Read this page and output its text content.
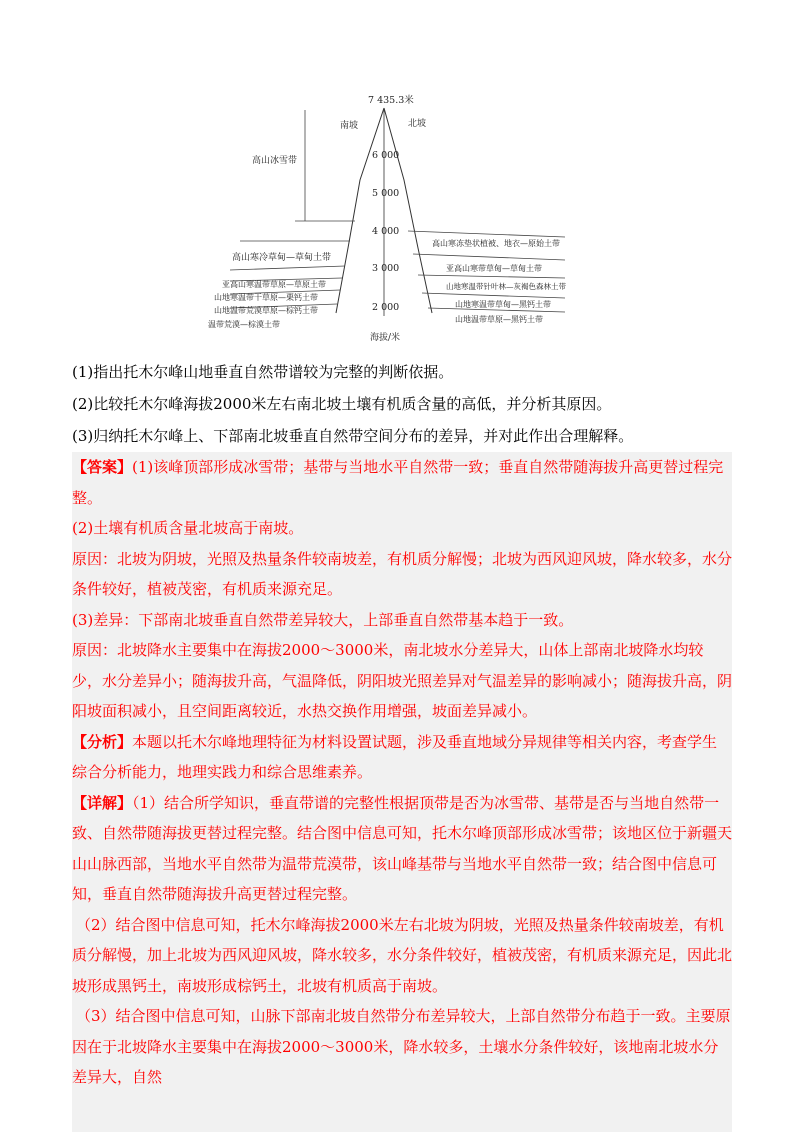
7 435.3米
南坡	北坡
6 000
5 000
4 000
3 000
2 000
海拔/米
高山冰雪带
高山寒冷草甸—草甸土带
亚高山寒温带草原—草原土带
山地寒温带干草原—栗钙土带
山地温带荒漠草原—棕钙土带
温带荒漠—棕漠土带
高山寒冻垫状植被、地衣—原始土带
亚高山寒带草甸—草甸土带
山地寒温带针叶林—灰褐色森林土带
山地寒温带草甸—黑钙土带
山地温带草原—黑钙土带
(1)指出托木尔峰山地垂直自然带谱较为完整的判断依据。
(2)比较托木尔峰海拔2000米左右南北坡土壤有机质含量的高低，并分析其原因。
(3)归纳托木尔峰上、下部南北坡垂直自然带空间分布的差异，并对此作出合理解释。

【答案】(1)该峰顶部形成冰雪带；基带与当地水平自然带一致；垂直自然带随海拔升高更替过程完整。

(2)土壤有机质含量北坡高于南坡。

原因：北坡为阴坡，光照及热量条件较南坡差，有机质分解慢；北坡为西风迎风坡，降水较多，水分条件较好，植被茂密，有机质来源充足。

(3)差异：下部南北坡垂直自然带差异较大，上部垂直自然带基本趋于一致。

原因：北坡降水主要集中在海拔2000～3000米，南北坡水分差异大，山体上部南北坡降水均较少，水分差异小；随海拔升高，气温降低，阴阳坡光照差异对气温差异的影响减小；随海拔升高，阴阳坡面积减小，且空间距离较近，水热交换作用增强，坡面差异减小。

【分析】本题以托木尔峰地理特征为材料设置试题，涉及垂直地域分异规律等相关内容，考查学生综合分析能力，地理实践力和综合思维素养。

【详解】（1）结合所学知识，垂直带谱的完整性根据顶带是否为冰雪带、基带是否与当地自然带一致、自然带随海拔更替过程完整。结合图中信息可知，托木尔峰顶部形成冰雪带；该地区位于新疆天山山脉西部，当地水平自然带为温带荒漠带，该山峰基带与当地水平自然带一致；结合图中信息可知，垂直自然带随海拔升高更替过程完整。

（2）结合图中信息可知，托木尔峰海拔2000米左右北坡为阴坡，光照及热量条件较南坡差，有机质分解慢，加上北坡为西风迎风坡，降水较多，水分条件较好，植被茂密，有机质来源充足，因此北坡形成黑钙土，南坡形成棕钙土，北坡有机质高于南坡。

（3）结合图中信息可知，山脉下部南北坡自然带分布差异较大，上部自然带分布趋于一致。主要原因在于北坡降水主要集中在海拔2000～3000米，降水较多，土壤水分条件较好，该地南北坡水分差异大，自然
